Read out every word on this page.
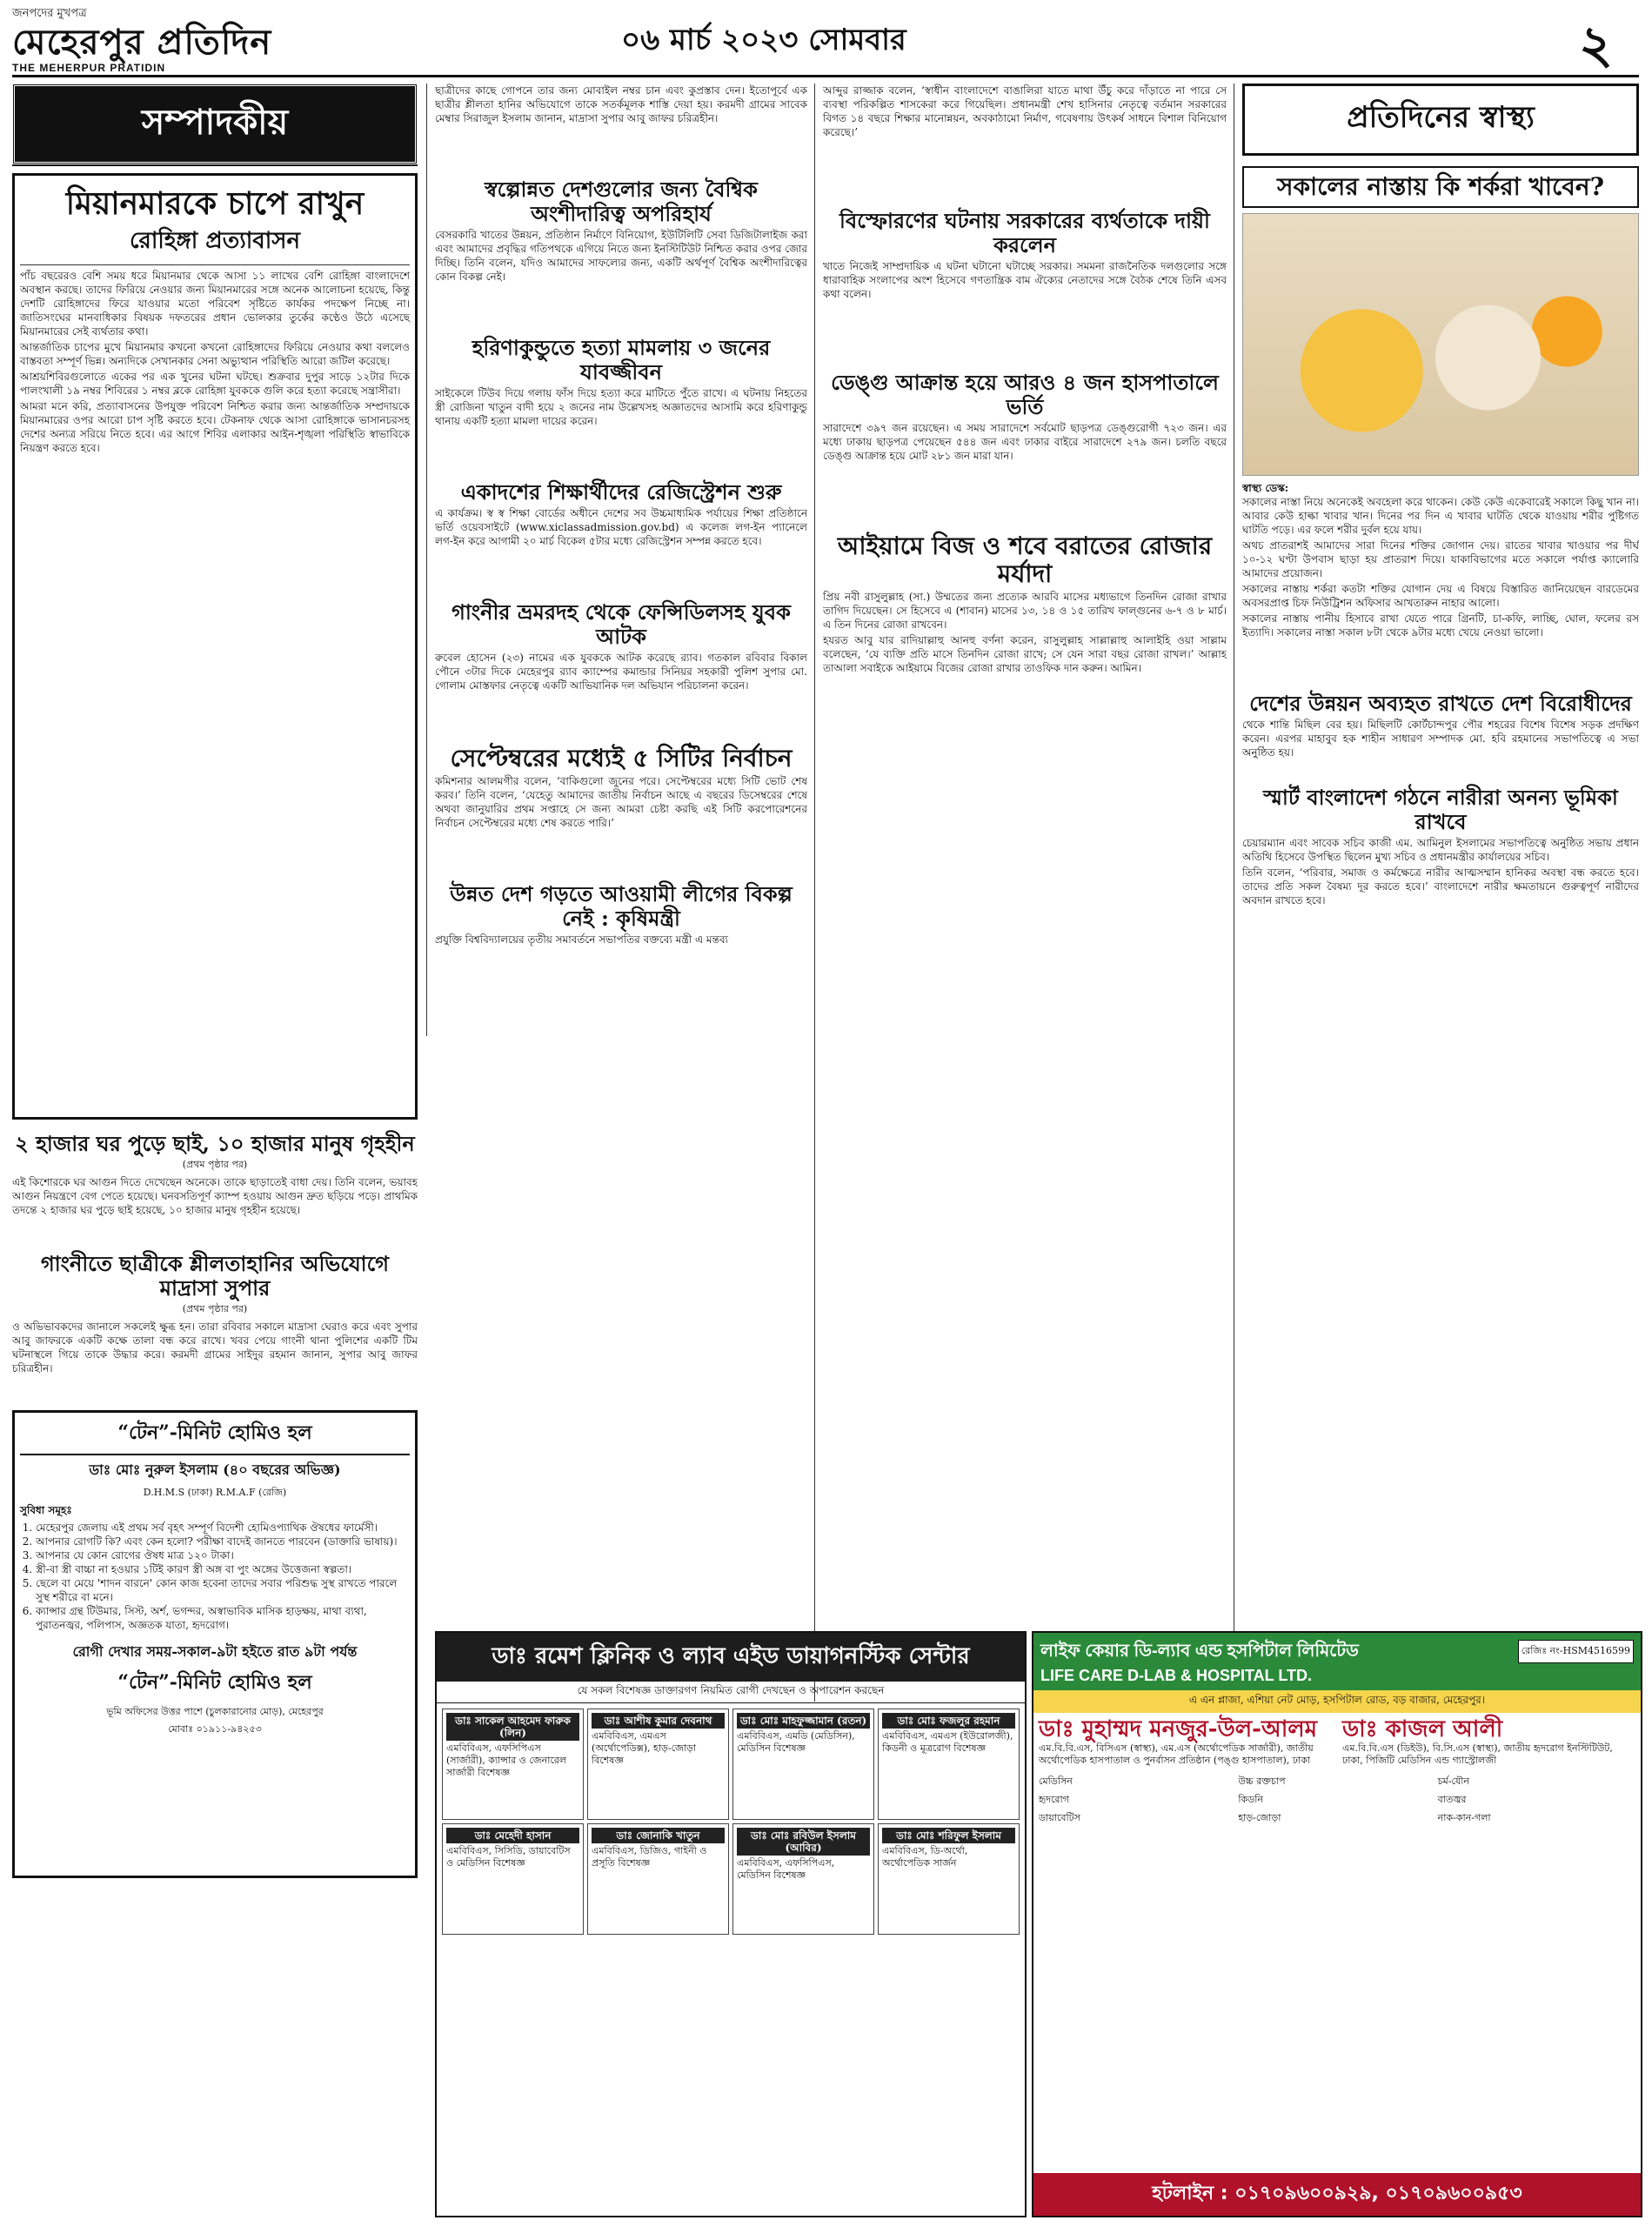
জনপদের মুখপত্র
মেহেরপুর প্রতিদিন
THE MEHERPUR PRATIDIN
০৬ মার্চ ২০২৩ সোমবার	২
সম্পাদকীয়
মিয়ানমারকে চাপে রাখুন
রোহিঙ্গা প্রত্যাবাসন

পাঁচ বছরেরও বেশি সময় ধরে মিয়ানমার থেকে আসা ১১ লাখের বেশি রোহিঙ্গা বাংলাদেশে অবস্থান করছে। তাদের ফিরিয়ে নেওয়ার জন্য মিয়ানমারের সঙ্গে অনেক আলোচনা হয়েছে, কিন্তু দেশটি রোহিঙ্গাদের ফিরে যাওয়ার মতো পরিবেশ সৃষ্টিতে কার্যকর পদক্ষেপ নিচ্ছে না। জাতিসংঘের মানবাধিকার বিষয়ক দফতরের প্রধান ভোলকার তুর্কের কণ্ঠেও উঠে এসেছে মিয়ানমারের সেই ব্যর্থতার কথা।

আন্তর্জাতিক চাপের মুখে মিয়ানমার কখনো কখনো রোহিঙ্গাদের ফিরিয়ে নেওয়ার কথা বললেও বাস্তবতা সম্পূর্ণ ভিন্ন। অন্যদিকে সেখানকার সেনা অভ্যুত্থান পরিস্থিতি আরো জটিল করেছে।

আশ্রয়শিবিরগুলোতে একের পর এক খুনের ঘটনা ঘটছে। শুক্রবার দুপুর সাড়ে ১২টার দিকে পালংখালী ১৯ নম্বর শিবিরের ১ নম্বর ব্লকে রোহিঙ্গা যুবককে গুলি করে হত্যা করেছে সন্ত্রাসীরা।

আমরা মনে করি, প্রত্যাবাসনের উপযুক্ত পরিবেশ নিশ্চিত করার জন্য আন্তর্জাতিক সম্প্রদায়কে মিয়ানমারের ওপর আরো চাপ সৃষ্টি করতে হবে। টেকনাফ থেকে আসা রোহিঙ্গাকে ভাসানচরসহ দেশের অন্যত্র সরিয়ে নিতে হবে। এর আগে শিবির এলাকার আইন-শৃঙ্খলা পরিস্থিতি স্বাভাবিকে নিয়ন্ত্রণ করতে হবে।

২ হাজার ঘর পুড়ে ছাই, ১০ হাজার মানুষ গৃহহীন
(প্রথম পৃষ্ঠার পর)

এই কিশোরকে ঘর আগুন দিতে দেখেছেন অনেকে। তাকে ছাড়াতেই বাধা দেয়। তিনি বলেন, ভয়াবহ আগুন নিয়ন্ত্রণে বেগ পেতে হয়েছে। ঘনবসতিপূর্ণ ক্যাম্প হওয়ায় আগুন দ্রুত ছড়িয়ে পড়ে। প্রাথমিক তদন্তে ২ হাজার ঘর পুড়ে ছাই হয়েছে, ১০ হাজার মানুষ গৃহহীন হয়েছে।

গাংনীতে ছাত্রীকে শ্লীলতাহানির অভিযোগে মাদ্রাসা সুপার
(প্রথম পৃষ্ঠার পর)

ও অভিভাবকদের জানালে সকলেই ক্ষুব্ধ হন। তারা রবিবার সকালে মাদ্রাসা ঘেরাও করে এবং সুপার আবু জাফরকে একটি কক্ষে তালা বন্ধ করে রাখে। খবর পেয়ে গাংনী থানা পুলিশের একটি টিম ঘটনাস্থলে গিয়ে তাকে উদ্ধার করে। করমদী গ্রামের সাইদুর রহমান জানান, সুপার আবু জাফর চরিত্রহীন।

“টেন”-মিনিট হোমিও হল
ডাঃ মোঃ নুরুল ইসলাম (৪০ বছরের অভিজ্ঞ)
D.H.M.S (ঢাকা) R.M.A.F (রেজি)
সুবিধা সমূহঃ
1. মেহেরপুর জেলায় এই প্রথম সর্ব বৃহৎ সম্পূর্ণ বিদেশী হোমিওপ্যাথিক ঔষধের ফার্মেসী।
2. আপনার রোগটি কি? এবং কেন হলো? পরীক্ষা বাদেই জানতে পারবেন (ডাক্তারি ভাষায়)।
3. আপনার যে কোন রোগের ঔষধ মাত্র ১২০ টাকা।
4. স্ত্রী-বা স্ত্রী বাচ্চা না হওয়ার ১টিই কারণ স্ত্রী অঙ্গ বা পুং অঙ্গের উত্তেজনা স্বল্পতা।
5. ছেলে বা মেয়ে 'শাদন বারনে' কোন কাজ হবেনা তাদের সবার পরিশুদ্ধ সুস্থ রাখতে পারলে সুস্থ শরীরে বা মনে।
6. ক্যান্সার গ্রন্থ টিউমার, সিস্ট, অর্শ, ভগন্দর, অস্বাভাবিক মাসিক হাড়ক্ষয়, মাথা ব্যথা, পুরাতনজ্বর, পলিপাস, অজ্ঞতক যাতা, হৃদরোগ।
রোগী দেখার সময়-সকাল-৯টা হইতে রাত ৯টা পর্যন্ত
“টেন”-মিনিট হোমিও হল
ভূমি অফিসের উত্তর পাশে (চুলকারানোর মোড়), মেহেরপুর
মোবাঃ ০১৯১১-৯৪২৫৩

ছাত্রীদের কাছে গোপনে তার জন্য মোবাইল নম্বর চান এবং কুপ্রস্তাব দেন। ইতোপূর্বে এক ছাত্রীর শ্লীলতা হানির অভিযোগে তাকে সতর্কমূলক শাস্তি দেয়া হয়। করমদী গ্রামের সাবেক মেম্বার সিরাজুল ইসলাম জানান, মাদ্রাসা সুপার আবু জাফর চরিত্রহীন।

স্বল্পোন্নত দেশগুলোর জন্য বৈশ্বিক অংশীদারিত্ব অপরিহার্য

বেসরকারি খাতের উন্নয়ন, প্রতিষ্ঠান নির্মাণে বিনিয়োগ, ইউটিলিটি সেবা ডিজিটালাইজ করা এবং আমাদের প্রবৃদ্ধির গতিপথকে এগিয়ে নিতে জন্য ইনস্টিটিউট নিশ্চিত করার ওপর জোর দিচ্ছি। তিনি বলেন, যদিও আমাদের সাফল্যের জন্য, একটি অর্থপূর্ণ বৈশ্বিক অংশীদারিত্বের কোন বিকল্প নেই।

হরিণাকুন্ডুতে হত্যা মামলায় ৩ জনের যাবজ্জীবন

সাইকেলে টিউব দিয়ে গলায় ফাঁস দিয়ে হত্যা করে মাটিতে পুঁতে রাখে। এ ঘটনায় নিহতের স্ত্রী রোজিনা খাতুন বাদী হয়ে ২ জনের নাম উল্লেখসহ অজ্ঞাতদের আসামি করে হরিণাকুন্ডু থানায় একটি হত্যা মামলা দায়ের করেন।

একাদশের শিক্ষার্থীদের রেজিস্ট্রেশন শুরু

এ কার্যক্রম। স্ব স্ব শিক্ষা বোর্ডের অধীনে দেশের সব উচ্চমাধ্যমিক পর্যায়ের শিক্ষা প্রতিষ্ঠানে ভর্তি ওয়েবসাইটে (www.xiclassadmission.gov.bd) এ কলেজ লগ-ইন প্যানেলে লগ-ইন করে আগামী ২০ মার্চ বিকেল ৫টার মধ্যে রেজিস্ট্রেশন সম্পন্ন করতে হবে।

গাংনীর ভ্রমরদহ থেকে ফেন্সিডিলসহ যুবক আটক

রুবেল হোসেন (২৩) নামের এক যুবককে আটক করেছে র‌্যাব। গতকাল রবিবার বিকাল পৌনে ৩টার দিকে মেহেরপুর র‌্যাব ক্যাম্পের কমান্ডার সিনিয়র সহকারী পুলিশ সুপার মো. গোলাম মোস্তফার নেতৃত্বে একটি আভিযানিক দল অভিযান পরিচালনা করেন।

সেপ্টেম্বরের মধ্যেই ৫ সিটির নির্বাচন

কমিশনার আলমগীর বলেন, ‘বাকিগুলো জুনের পরে। সেপ্টেম্বরের মধ্যে সিটি ভোট শেষ করব।’ তিনি বলেন, ‘যেহেতু আমাদের জাতীয় নির্বাচন আছে এ বছরের ডিসেম্বরের শেষে অথবা জানুয়ারির প্রথম সপ্তাহে সে জন্য আমরা চেষ্টা করছি এই সিটি করপোরেশনের নির্বাচন সেপ্টেম্বরের মধ্যে শেষ করতে পারি।’

উন্নত দেশ গড়তে আওয়ামী লীগের বিকল্প নেই : কৃষিমন্ত্রী

প্রযুক্তি বিশ্ববিদ্যালয়ের তৃতীয় সমাবর্তনে সভাপতির বক্তব্যে মন্ত্রী এ মন্তব্য

আব্দুর রাজ্জাক বলেন, ‘স্বাধীন বাংলাদেশে বাঙালিরা যাতে মাথা উঁচু করে দাঁড়াতে না পারে সে ব্যবস্থা পরিকল্পিত শাসকেরা করে গিয়েছিল। প্রধানমন্ত্রী শেখ হাসিনার নেতৃত্বে বর্তমান সরকারের বিগত ১৪ বছরে শিক্ষার মানোন্নয়ন, অবকাঠামো নির্মাণ, গবেষণায় উৎকর্ষ সাধনে বিশাল বিনিয়োগ করেছে।’

বিস্ফোরণের ঘটনায় সরকারের ব্যর্থতাকে দায়ী করলেন

খাতে নিজেই সাম্প্রদায়িক এ ঘটনা ঘটানো ঘটাচ্ছে সরকার। সমমনা রাজনৈতিক দলগুলোর সঙ্গে ধারাবাহিক সংলাপের অংশ হিসেবে গণতান্ত্রিক বাম ঐক্যের নেতাদের সঙ্গে বৈঠক শেষে তিনি এসব কথা বলেন।

ডেঙ্গু আক্রান্ত হয়ে আরও ৪ জন হাসপাতালে ভর্তি

সারাদেশে ৩৯৭ জন রয়েছেন। এ সময় সারাদেশে সর্বমোট ছাড়পত্র ডেঙ্গুরোগী ৭২৩ জন। এর মধ্যে ঢাকায় ছাড়পত্র পেয়েছেন ৫৪৪ জন এবং ঢাকার বাইরে সারাদেশে ২৭৯ জন। চলতি বছরে ডেঙ্গু আক্রান্ত হয়ে মোট ২৮১ জন মারা যান।

আইয়ামে বিজ ও শবে বরাতের রোজার মর্যাদা

প্রিয় নবী রাসুলুল্লাহ (সা.) উম্মতের জন্য প্রত্যেক আরবি মাসের মধ্যভাগে তিনদিন রোজা রাখার তাগিদ দিয়েছেন। সে হিসেবে এ (শাবান) মাসের ১৩, ১৪ ও ১৫ তারিখ ফাল্গুনের ৬-৭ ও ৮ মার্চ। এ তিন দিনের রোজা রাখবেন।

হযরত আবু যার রাদিয়াল্লাহু আনহু বর্ণনা করেন, রাসুলুল্লাহ সাল্লাল্লাহু আলাইহি ওয়া সাল্লাম বলেছেন, ‘যে ব্যক্তি প্রতি মাসে তিনদিন রোজা রাখে; সে যেন সারা বছর রোজা রাখল।’ আল্লাহ তাআলা সবাইকে আইয়ামে বিজের রোজা রাখার তাওফিক দান করুন। আমিন।

প্রতিদিনের স্বাস্থ্য
সকালের নাস্তায় কি শর্করা খাবেন?
স্বাস্থ্য ডেস্ক:

সকালের নাস্তা নিয়ে অনেকেই অবহেলা করে থাকেন। কেউ কেউ একেবারেই সকালে কিছু খান না। আবার কেউ হাল্কা খাবার খান। দিনের পর দিন এ খাবার ঘাটতি থেকে যাওয়ায় শরীর পুষ্টিগত ঘাটতি পড়ে। এর ফলে শরীর দুর্বল হয়ে যায়।

অথচ প্রাতরাশই আমাদের সারা দিনের শক্তির জোগান দেয়। রাতের খাবার খাওয়ার পর দীর্ঘ ১০-১২ ঘণ্টা উপবাস ছাড়া হয় প্রাতরাশ দিয়ে। যাকাবিভাগের মতে সকালে পর্যাপ্ত ক্যালোরি আমাদের প্রয়োজন।

সকালের নাস্তায় শর্করা কতটা শক্তির যোগান দেয় এ বিষয়ে বিস্তারিত জানিয়েছেন বারডেমের অবসরপ্রাপ্ত চিফ নিউট্রিশন অফিসার আখতারুন নাহার আলো।

সকালের নাস্তায় পানীয় হিসাবে রাখা যেতে পারে গ্রিনটি, চা-কফি, লাচ্ছি, ঘোল, ফলের রস ইত্যাদি। সকালের নাস্তা সকাল ৮টা থেকে ৯টার মধ্যে খেয়ে নেওয়া ভালো।

দেশের উন্নয়ন অব্যহত রাখতে দেশ বিরোধীদের

থেকে শান্তি মিছিল বের হয়। মিছিলটি কোর্টচান্দপুর পৌর শহরের বিশেষ বিশেষ সড়ক প্রদক্ষিণ করেন। এরপর মাহাবুব হক শাহীন সাধারণ সম্পাদক মো. হবি রহমানের সভাপতিত্বে এ সভা অনুষ্ঠিত হয়।

স্মার্ট বাংলাদেশ গঠনে নারীরা অনন্য ভূমিকা রাখবে

চেয়ারম্যান এবং সাবেক সচিব কাজী এম. আমিনুল ইসলামের সভাপতিত্বে অনুষ্ঠিত সভায় প্রধান অতিথি হিসেবে উপস্থিত ছিলেন মুখ্য সচিব ও প্রধানমন্ত্রীর কার্যালয়ের সচিব।

তিনি বলেন, ‘পরিবার, সমাজ ও কর্মক্ষেত্রে নারীর আত্মসম্মান হানিকর অবস্থা বন্ধ করতে হবে। তাদের প্রতি সকল বৈষম্য দূর করতে হবে।’ বাংলাদেশে নারীর ক্ষমতায়নে গুরুত্বপূর্ণ নারীদের অবদান রাখতে হবে।

ডাঃ রমেশ ক্লিনিক ও ল্যাব এইড ডায়াগনস্টিক সেন্টার
যে সকল বিশেষজ্ঞ ডাক্তারগণ নিয়মিত রোগী দেখছেন ও অপারেশন করছেন
ডাঃ সাকেল আহমেদ ফারুক (লিন)
এমবিবিএস, এফসিপিএস (সার্জারী), ক্যান্সার ও জেনারেল সার্জারী বিশেষজ্ঞ
ডাঃ আশীষ কুমার দেবনাথ
এমবিবিএস, এমএস (অর্থোপেডিক্স), হাড়-জোড়া বিশেষজ্ঞ
ডাঃ মোঃ মাহফুজ্জামান (রতন)
এমবিবিএস, এমডি (মেডিসিন), মেডিসিন বিশেষজ্ঞ
ডাঃ মোঃ ফজলুর রহমান
এমবিবিএস, এমএস (ইউরোলজী), কিডনী ও মূত্ররোগ বিশেষজ্ঞ
ডাঃ মেহেদী হাসান
এমবিবিএস, সিসিডি, ডায়াবেটিস ও মেডিসিন বিশেষজ্ঞ
ডাঃ জোনাকি খাতুন
এমবিবিএস, ডিজিও, গাইনী ও প্রসূতি বিশেষজ্ঞ
ডাঃ মোঃ রবিউল ইসলাম (আবির)
এমবিবিএস, এফসিপিএস, মেডিসিন বিশেষজ্ঞ
ডাঃ মোঃ শরিফুল ইসলাম
এমবিবিএস, ডি-অর্থো, অর্থোপেডিক সার্জন
লাইফ কেয়ার ডি-ল্যাব এন্ড হসপিটাল লিমিটেড
LIFE CARE D-LAB & HOSPITAL LTD.
রেজিঃ নং-HSM4516599
এ এন প্লাজা, এশিয়া নেট মোড়, হসপিটাল রোড, বড় বাজার, মেহেরপুর।
ডাঃ মুহাম্মদ মনজুর-উল-আলম
এম.বি.বি.এস, বিসিএস (স্বাস্থ্য), এম.এস (অর্থোপেডিক সার্জারী), জাতীয় অর্থোপেডিক হাসপাতাল ও পুনর্বাসন প্রতিষ্ঠান (পঙ্গু হাসপাতাল), ঢাকা
ডাঃ কাজল আলী
এম.বি.বি.এস (ডিইউ), বি.সি.এস (স্বাস্থ্য), জাতীয় হৃদরোগ ইনস্টিটিউট, ঢাকা, পিজিটি মেডিসিন এন্ড গ্যাস্ট্রোলজী
মেডিসিন	উচ্চ রক্তচাপ	চর্ম-যৌন
হৃদরোগ	কিডনি	বাতজ্বর
ডায়াবেটিস	হাড়-জোড়া	নাক-কান-গলা
হটলাইন : ০১৭০৯৬০০৯২৯, ০১৭০৯৬০০৯৫৩
